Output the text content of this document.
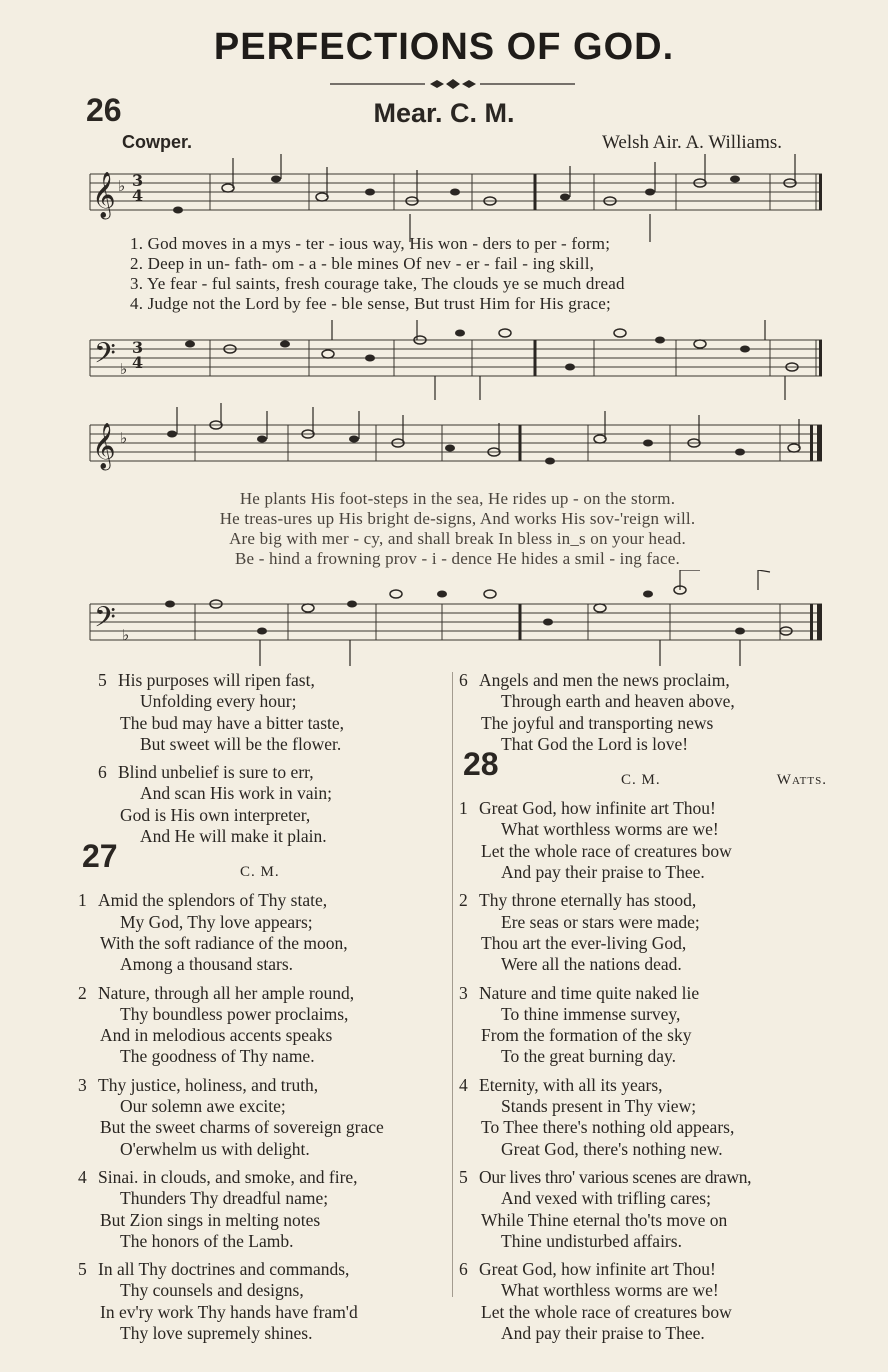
PERFECTIONS OF GOD.
26	Mear. C. M.
Cowper.	Welsh Air. A. Williams.
𝄞 ♭ 3
4
1. God moves in a mys - ter - ious way, His won - ders to per - form;
2. Deep in un- fath- om - a - ble mines Of nev - er - fail - ing skill,
3. Ye fear - ful saints, fresh courage take, The clouds ye se much dread
4. Judge not the Lord by fee - ble sense, But trust Him for His grace;
𝄢 ♭
3
4
𝄞 ♭
He plants His foot-steps in the sea, He rides up - on the storm.
He treas-ures up His bright de-signs, And works His sov-'reign will.
Are big with mer - cy, and shall break In bless in_s on your head.
Be - hind a frowning prov - i - dence He hides a smil - ing face.
𝄢 ♭
5 His purposes will ripen fast,
Unfolding every hour;
The bud may have a bitter taste,
But sweet will be the flower.
6 Blind unbelief is sure to err,
And scan His work in vain;
God is His own interpreter,
And He will make it plain.
27	C. M.
1 Amid the splendors of Thy state,
My God, Thy love appears;
With the soft radiance of the moon,
Among a thousand stars.
2 Nature, through all her ample round,
Thy boundless power proclaims,
And in melodious accents speaks
The goodness of Thy name.
3 Thy justice, holiness, and truth,
Our solemn awe excite;
But the sweet charms of sovereign grace
O'erwhelm us with delight.
4 Sinai. in clouds, and smoke, and fire,
Thunders Thy dreadful name;
But Zion sings in melting notes
The honors of the Lamb.
5 In all Thy doctrines and commands,
Thy counsels and designs,
In ev'ry work Thy hands have fram'd
Thy love supremely shines.
6 Angels and men the news proclaim,
Through earth and heaven above,
The joyful and transporting news
That God the Lord is love!
28	C. M.	Watts.
1 Great God, how infinite art Thou!
What worthless worms are we!
Let the whole race of creatures bow
And pay their praise to Thee.
2 Thy throne eternally has stood,
Ere seas or stars were made;
Thou art the ever-living God,
Were all the nations dead.
3 Nature and time quite naked lie
To thine immense survey,
From the formation of the sky
To the great burning day.
4 Eternity, with all its years,
Stands present in Thy view;
To Thee there's nothing old appears,
Great God, there's nothing new.
5 Our lives thro' various scenes are drawn,
And vexed with trifling cares;
While Thine eternal tho'ts move on
Thine undisturbed affairs.
6 Great God, how infinite art Thou!
What worthless worms are we!
Let the whole race of creatures bow
And pay their praise to Thee.
